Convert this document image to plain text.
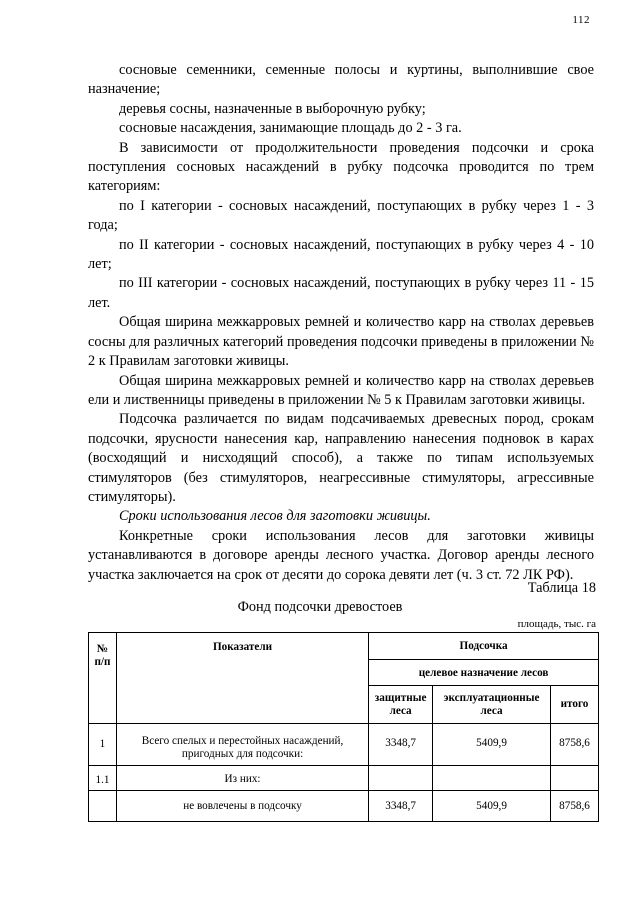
112

сосновые семенники, семенные полосы и куртины, выполнившие свое назначение;

деревья сосны, назначенные в выборочную рубку;

сосновые насаждения, занимающие площадь до 2 - 3 га.

В зависимости от продолжительности проведения подсочки и срока поступления сосновых насаждений в рубку подсочка проводится по трем категориям:

по I категории - сосновых насаждений, поступающих в рубку через 1 - 3 года;

по II категории - сосновых насаждений, поступающих в рубку через 4 - 10 лет;

по III категории - сосновых насаждений, поступающих в рубку через 11 - 15 лет.

Общая ширина межкарровых ремней и количество карр на стволах деревьев сосны для различных категорий проведения подсочки приведены в приложении № 2 к Правилам заготовки живицы.

Общая ширина межкарровых ремней и количество карр на стволах деревьев ели и лиственницы приведены в приложении № 5 к Правилам заготовки живицы.

Подсочка различается по видам подсачиваемых древесных пород, срокам подсочки, ярусности нанесения кар, направлению нанесения подновок в карах (восходящий и нисходящий способ), а также по типам используемых стимуляторов (без стимуляторов, неагрессивные стимуляторы, агрессивные стимуляторы).

Сроки использования лесов для заготовки живицы.

Конкретные сроки использования лесов для заготовки живицы устанавливаются в договоре аренды лесного участка. Договор аренды лесного участка заключается на срок от десяти до сорока девяти лет (ч. 3 ст. 72 ЛК РФ).

Таблица 18
Фонд подсочки древостоев
площадь, тыс. га
№ п/п	Показатели	Подсочка		
		целевое назначение лесов		
		защитные леса	эксплуатационные леса	итого
1	Всего спелых и перестойных насаждений, пригодных для подсочки:	3348,7	5409,9	8758,6
1.1	Из них:			
	не вовлечены в подсочку	3348,7	5409,9	8758,6
